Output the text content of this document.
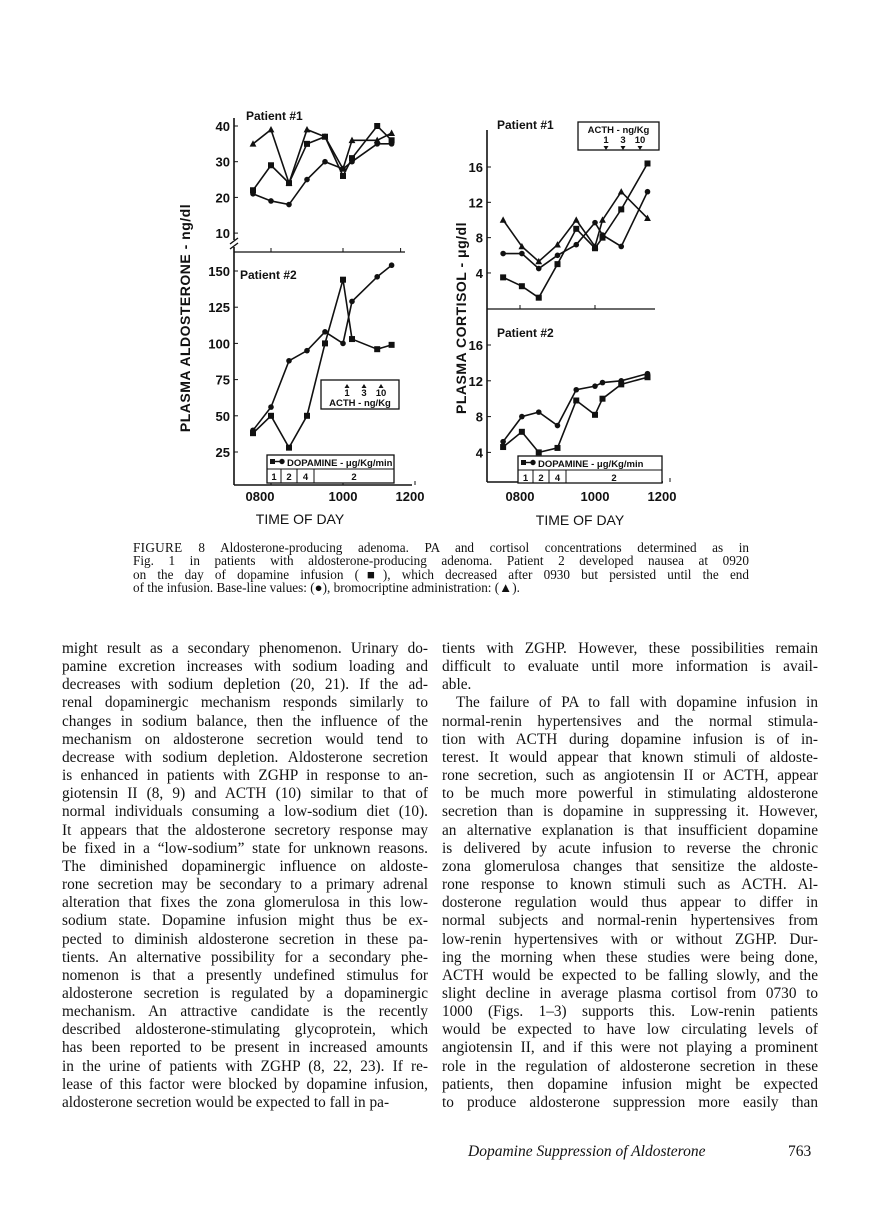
0800	1000	1200
TIME OF DAY
PLASMA ALDOSTERONE - ng/dl
Patient #1
40
30
20
10
Patient #2
150
125
100
75
50
25
1 3 10
ACTH - ng/Kg
DOPAMINE - μg/Kg/min
1 2 4	2
0800	1000	1200
TIME OF DAY
PLASMA CORTISOL - μg/dl
Patient #1
16
12
8
4
Patient #2
16
12
8
4
ACTH - ng/Kg
1 3 10
DOPAMINE - μg/Kg/min
1 2 4	2
FIGURE 8 Aldosterone-producing adenoma. PA and cortisol concentrations determined as in
Fig. 1 in patients with aldosterone-producing adenoma. Patient 2 developed nausea at 0920
on the day of dopamine infusion (■), which decreased after 0930 but persisted until the end
of the infusion. Base-line values: (●), bromocriptine administration: (▲).
might result as a secondary phenomenon. Urinary do-
pamine excretion increases with sodium loading and
decreases with sodium depletion (20, 21). If the ad-
renal dopaminergic mechanism responds similarly to
changes in sodium balance, then the influence of the
mechanism on aldosterone secretion would tend to
decrease with sodium depletion. Aldosterone secretion
is enhanced in patients with ZGHP in response to an-
giotensin II (8, 9) and ACTH (10) similar to that of
normal individuals consuming a low-sodium diet (10).
It appears that the aldosterone secretory response may
be fixed in a “low-sodium” state for unknown reasons.
The diminished dopaminergic influence on aldoste-
rone secretion may be secondary to a primary adrenal
alteration that fixes the zona glomerulosa in this low-
sodium state. Dopamine infusion might thus be ex-
pected to diminish aldosterone secretion in these pa-
tients. An alternative possibility for a secondary phe-
nomenon is that a presently undefined stimulus for
aldosterone secretion is regulated by a dopaminergic
mechanism. An attractive candidate is the recently
described aldosterone-stimulating glycoprotein, which
has been reported to be present in increased amounts
in the urine of patients with ZGHP (8, 22, 23). If re-
lease of this factor were blocked by dopamine infusion,
aldosterone secretion would be expected to fall in pa-
tients with ZGHP. However, these possibilities remain
difficult to evaluate until more information is avail-
able.
The failure of PA to fall with dopamine infusion in
normal-renin hypertensives and the normal stimula-
tion with ACTH during dopamine infusion is of in-
terest. It would appear that known stimuli of aldoste-
rone secretion, such as angiotensin II or ACTH, appear
to be much more powerful in stimulating aldosterone
secretion than is dopamine in suppressing it. However,
an alternative explanation is that insufficient dopamine
is delivered by acute infusion to reverse the chronic
zona glomerulosa changes that sensitize the aldoste-
rone response to known stimuli such as ACTH. Al-
dosterone regulation would thus appear to differ in
normal subjects and normal-renin hypertensives from
low-renin hypertensives with or without ZGHP. Dur-
ing the morning when these studies were being done,
ACTH would be expected to be falling slowly, and the
slight decline in average plasma cortisol from 0730 to
1000 (Figs. 1–3) supports this. Low-renin patients
would be expected to have low circulating levels of
angiotensin II, and if this were not playing a prominent
role in the regulation of aldosterone secretion in these
patients, then dopamine infusion might be expected
to produce aldosterone suppression more easily than
Dopamine Suppression of Aldosterone	763
